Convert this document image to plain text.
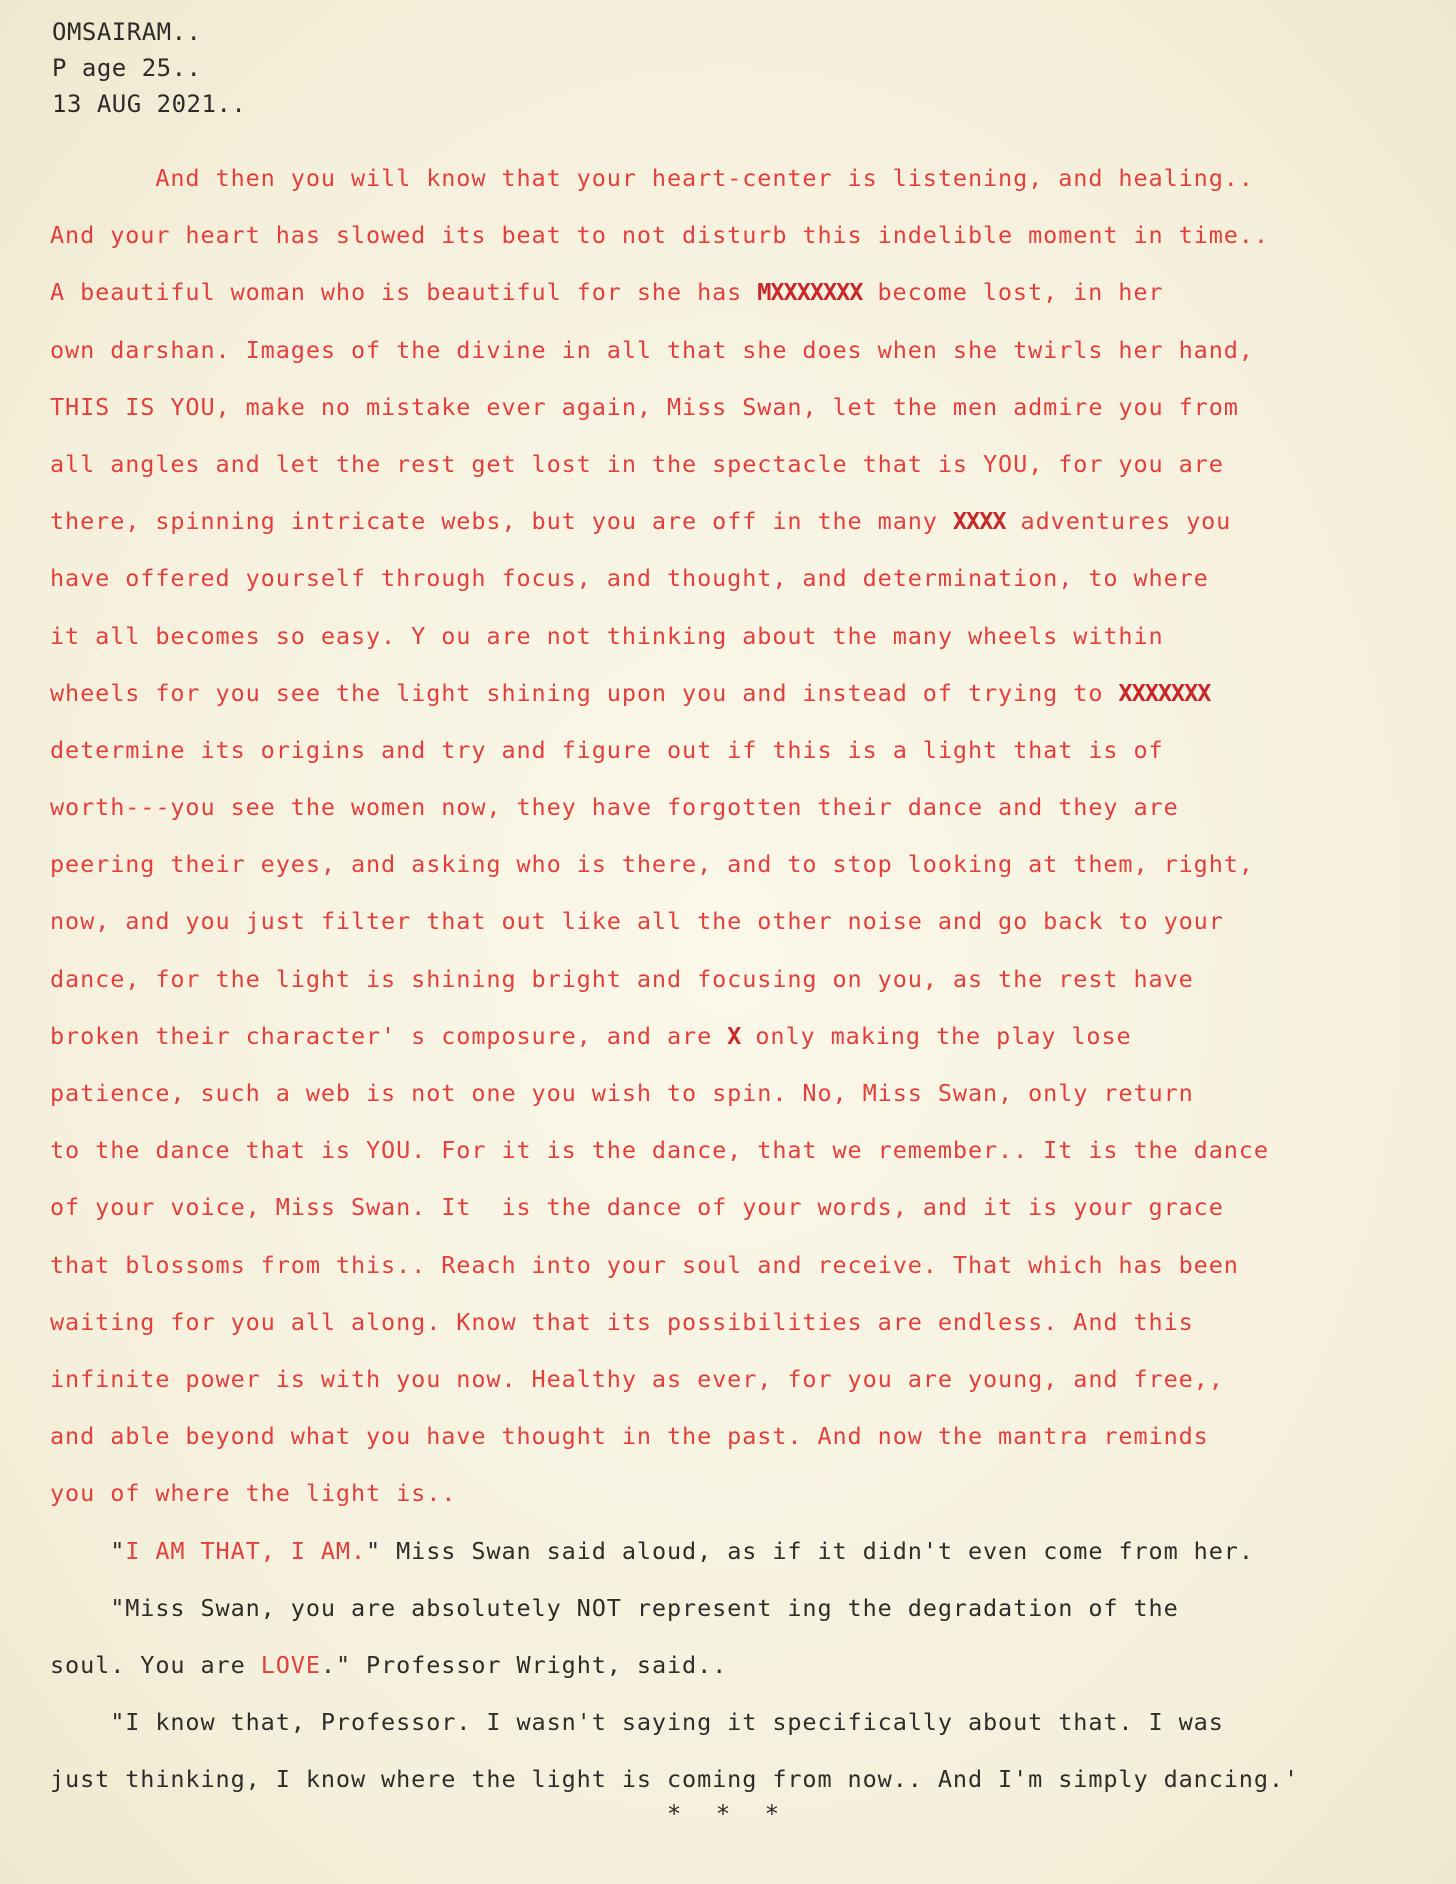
OMSAIRAM..
P age 25..
13 AUG 2021..
And then you will know that your heart-center is listening, and healing..
And your heart has slowed its beat to not disturb this indelible moment in time..
A beautiful woman who is beautiful for she has MXXXXXXX become lost, in her
own darshan. Images of the divine in all that she does when she twirls her hand,
THIS IS YOU, make no mistake ever again, Miss Swan, let the men admire you from
all angles and let the rest get lost in the spectacle that is YOU, for you are
there, spinning intricate webs, but you are off in the many XXXX adventures you
have offered yourself through focus, and thought, and determination, to where
it all becomes so easy. Y ou are not thinking about the many wheels within
wheels for you see the light shining upon you and instead of trying to XXXXXXX
determine its origins and try and figure out if this is a light that is of
worth---you see the women now, they have forgotten their dance and they are
peering their eyes, and asking who is there, and to stop looking at them, right,
now, and you just filter that out like all the other noise and go back to your
dance, for the light is shining bright and focusing on you, as the rest have
broken their character' s composure, and are X only making the play lose
patience, such a web is not one you wish to spin. No, Miss Swan, only return
to the dance that is YOU. For it is the dance, that we remember.. It is the dance
of your voice, Miss Swan. It  is the dance of your words, and it is your grace
that blossoms from this.. Reach into your soul and receive. That which has been
waiting for you all along. Know that its possibilities are endless. And this
infinite power is with you now. Healthy as ever, for you are young, and free,,
and able beyond what you have thought in the past. And now the mantra reminds
you of where the light is..
"I AM THAT, I AM." Miss Swan said aloud, as if it didn't even come from her.
"Miss Swan, you are absolutely NOT represent ing the degradation of the
soul. You are LOVE." Professor Wright, said..
"I know that, Professor. I wasn't saying it specifically about that. I was
just thinking, I know where the light is coming from now.. And I'm simply dancing.'
* * *
